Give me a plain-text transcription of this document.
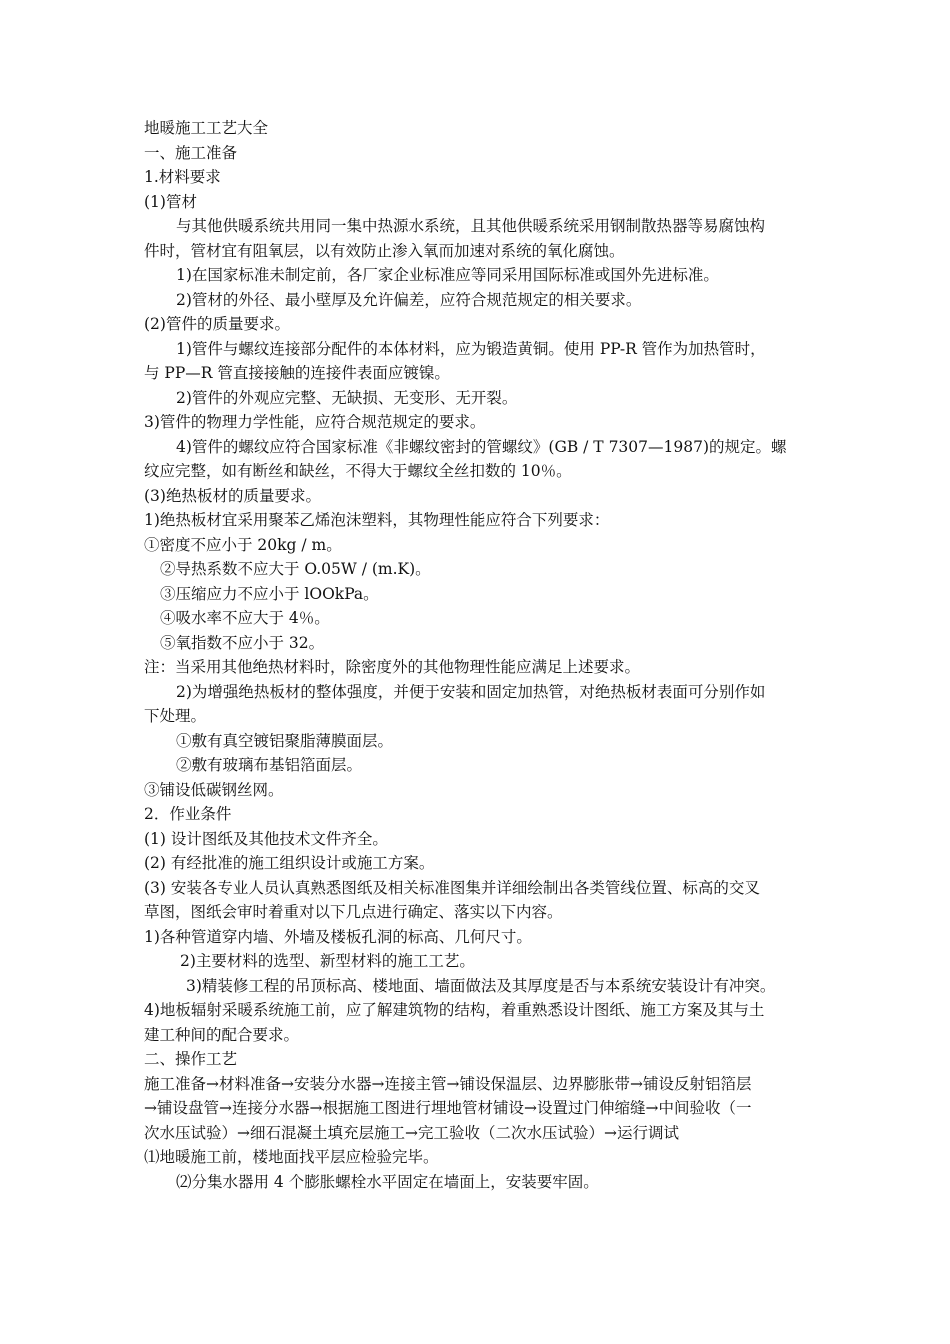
地暖施工工艺大全
一、施工准备
1.材料要求
(1)管材
与其他供暖系统共用同一集中热源水系统，且其他供暖系统采用钢制散热器等易腐蚀构
件时，管材宜有阻氧层，以有效防止渗入氧而加速对系统的氧化腐蚀。
1)在国家标准未制定前，各厂家企业标准应等同采用国际标准或国外先进标准。
2)管材的外径、最小壁厚及允许偏差，应符合规范规定的相关要求。
(2)管件的质量要求。
1)管件与螺纹连接部分配件的本体材料，应为锻造黄铜。使用 PP-R 管作为加热管时，
与 PP—R 管直接接触的连接件表面应镀镍。
2)管件的外观应完整、无缺损、无变形、无开裂。
3)管件的物理力学性能，应符合规范规定的要求。
4)管件的螺纹应符合国家标准《非螺纹密封的管螺纹》(GB / T 7307—1987)的规定。螺
纹应完整，如有断丝和缺丝，不得大于螺纹全丝扣数的 10％。
(3)绝热板材的质量要求。
1)绝热板材宜采用聚苯乙烯泡沫塑料，其物理性能应符合下列要求：
①密度不应小于 20kg / m。
②导热系数不应大于 O.05W / (m.K)。
③压缩应力不应小于 lOOkPa。
④吸水率不应大于 4％。
⑤氧指数不应小于 32。
注：当采用其他绝热材料时，除密度外的其他物理性能应满足上述要求。
2)为增强绝热板材的整体强度，并便于安装和固定加热管，对绝热板材表面可分别作如
下处理。
①敷有真空镀铝聚脂薄膜面层。
②敷有玻璃布基铝箔面层。
③铺设低碳钢丝网。
2．作业条件
(1) 设计图纸及其他技术文件齐全。
(2) 有经批准的施工组织设计或施工方案。
(3) 安装各专业人员认真熟悉图纸及相关标准图集并详细绘制出各类管线位置、标高的交叉
草图，图纸会审时着重对以下几点进行确定、落实以下内容。
1)各种管道穿内墙、外墙及楼板孔洞的标高、几何尺寸。
2)主要材料的选型、新型材料的施工工艺。
3)精装修工程的吊顶标高、楼地面、墙面做法及其厚度是否与本系统安装设计有冲突。
4)地板辐射采暖系统施工前，应了解建筑物的结构，着重熟悉设计图纸、施工方案及其与土
建工种间的配合要求。
二、操作工艺
施工准备→材料准备→安装分水器→连接主管→铺设保温层、边界膨胀带→铺设反射铝箔层
→铺设盘管→连接分水器→根据施工图进行埋地管材铺设→设置过门伸缩缝→中间验收（一
次水压试验）→细石混凝土填充层施工→完工验收（二次水压试验）→运行调试
⑴地暖施工前，楼地面找平层应检验完毕。
⑵分集水器用 4 个膨胀螺栓水平固定在墙面上，安装要牢固。
